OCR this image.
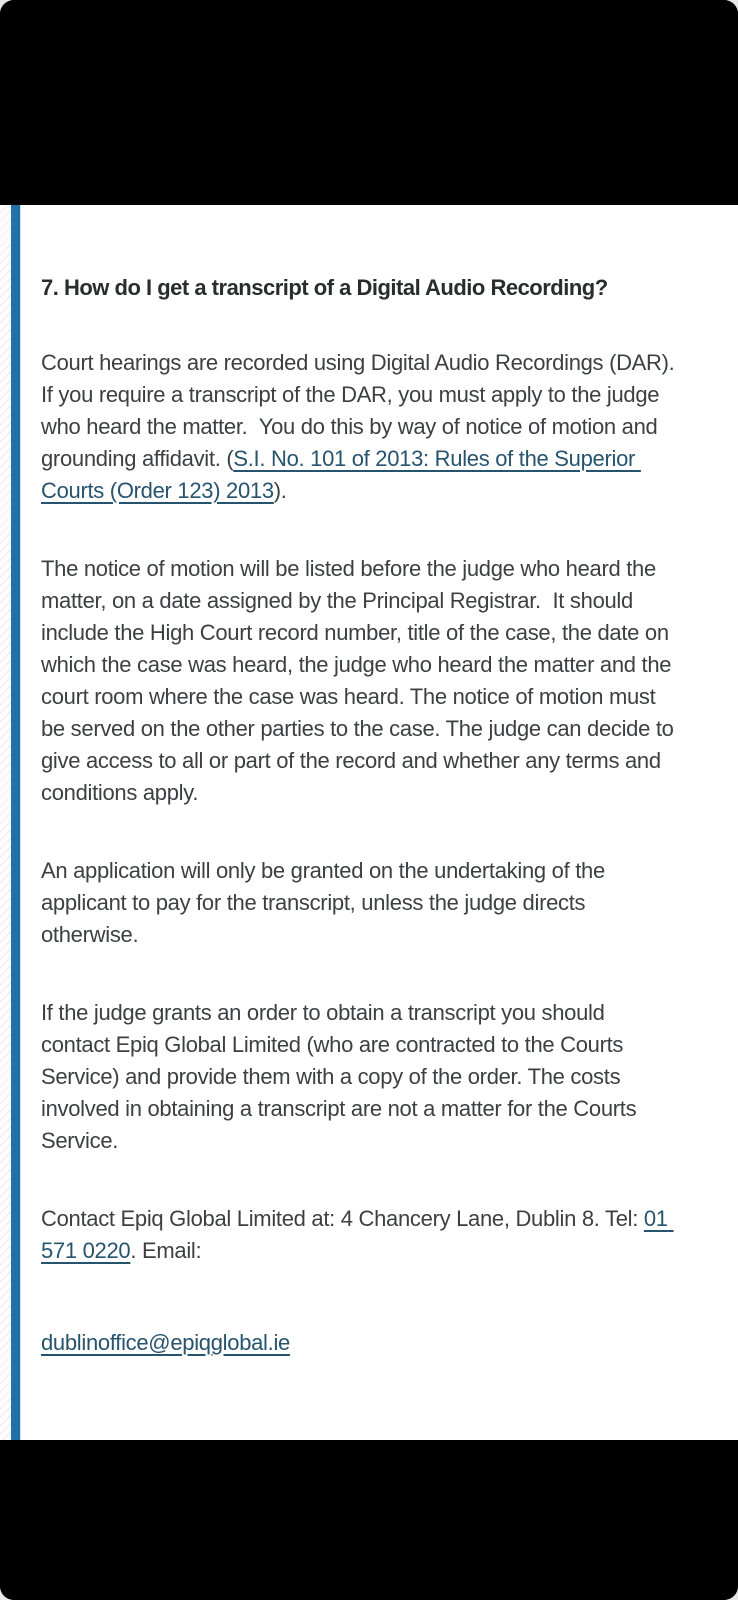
7. How do I get a transcript of a Digital Audio Recording?

Court hearings are recorded using Digital Audio Recordings (DAR).  If you require a transcript of the DAR, you must apply to the judge who heard the matter.  You do this by way of notice of motion and grounding affidavit. (S.I. No. 101 of 2013: Rules of the Superior Courts (Order 123) 2013).

The notice of motion will be listed before the judge who heard the matter, on a date assigned by the Principal Registrar.  It should include the High Court record number, title of the case, the date on which the case was heard, the judge who heard the matter and the court room where the case was heard. The notice of motion must be served on the other parties to the case. The judge can decide to give access to all or part of the record and whether any terms and conditions apply.

An application will only be granted on the undertaking of the applicant to pay for the transcript, unless the judge directs otherwise.

If the judge grants an order to obtain a transcript you should contact Epiq Global Limited (who are contracted to the Courts Service) and provide them with a copy of the order. The costs involved in obtaining a transcript are not a matter for the Courts Service.

Contact Epiq Global Limited at: 4 Chancery Lane, Dublin 8. Tel: 01 571 0220. Email:

dublinoffice@epiqglobal.ie
